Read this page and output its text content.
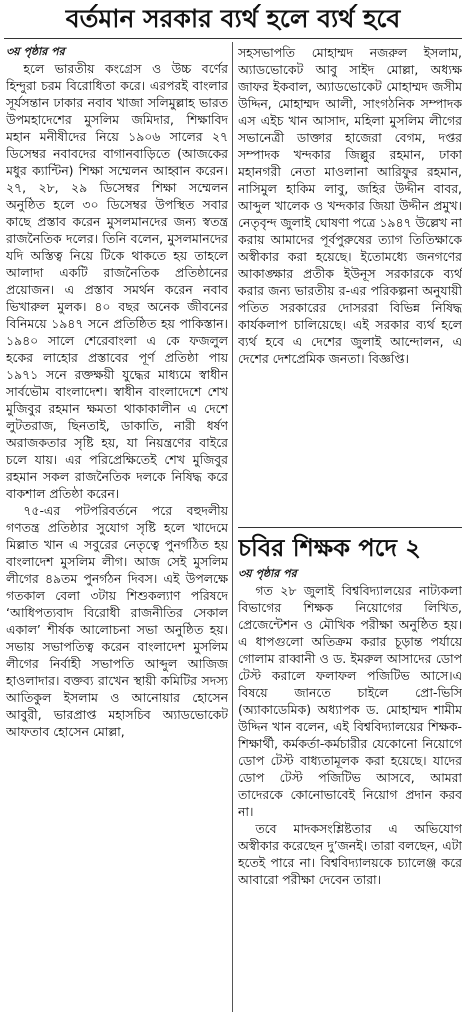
বর্তমান সরকার ব্যর্থ হলে ব্যর্থ হবে
৩য় পৃষ্ঠার পর

হলে ভারতীয় কংগ্রেস ও উচ্চ বর্ণের হিন্দুরা চরম বিরোধিতা করে। এরপরই বাংলার সূর্যসন্তান ঢাকার নবাব খাজা সলিমুল্লাহ ভারত উপমহাদেশের মুসলিম জমিদার, শিক্ষাবিদ মহান মনীষীদের নিয়ে ১৯০৬ সালের ২৭ ডিসেম্বর নবাবদের বাগানবাড়িতে (আজকের মধুর ক্যান্টিন) শিক্ষা সম্মেলন আহ্বান করেন। ২৭, ২৮, ২৯ ডিসেম্বর শিক্ষা সম্মেলন অনুষ্ঠিত হলে ৩০ ডিসেম্বর উপস্থিত সবার কাছে প্রস্তাব করেন মুসলমানদের জন্য স্বতন্ত্র রাজনৈতিক দলের। তিনি বলেন, মুসলমানদের যদি অস্তিত্ব নিয়ে টিকে থাকতে হয় তাহলে আলাদা একটি রাজনৈতিক প্রতিষ্ঠানের প্রয়োজন। এ প্রস্তাব সমর্থন করেন নবাব ভিখারুল মুলক। ৪০ বছর অনেক জীবনের বিনিময়ে ১৯৪৭ সনে প্রতিষ্ঠিত হয় পাকিস্তান। ১৯৪০ সালে শেরেবাংলা এ কে ফজলুল হকের লাহোর প্রস্তাবের পূর্ণ প্রতিষ্ঠা পায় ১৯৭১ সনে রক্তক্ষয়ী যুদ্ধের মাধ্যমে স্বাধীন সার্বভৌম বাংলাদেশ। স্বাধীন বাংলাদেশে শেখ মুজিবুর রহমান ক্ষমতা থাকাকালীন এ দেশে লুটতরাজ, ছিনতাই, ডাকাতি, নারী ধর্ষণ অরাজকতার সৃষ্টি হয়, যা নিয়ন্ত্রণের বাইরে চলে যায়। এর পরিপ্রেক্ষিতেই শেখ মুজিবুর রহমান সকল রাজনৈতিক দলকে নিষিদ্ধ করে বাকশাল প্রতিষ্ঠা করেন।

৭৫-এর পটপরিবর্তনে পরে বহুদলীয় গণতন্ত্র প্রতিষ্ঠার সুযোগ সৃষ্টি হলে খাদেমে মিল্লাত খান এ সবুরের নেতৃত্বে পুনর্গঠিত হয় বাংলাদেশ মুসলিম লীগ। আজ সেই মুসলিম লীগের ৪৯তম পুনর্গঠন দিবস। এই উপলক্ষে গতকাল বেলা ৩টায় শিশুকল্যাণ পরিষদে ‘আধিপত্যবাদ বিরোধী রাজনীতির সেকাল একাল’ শীর্ষক আলোচনা সভা অনুষ্ঠিত হয়। সভায় সভাপতিত্ব করেন বাংলাদেশ মুসলিম লীগের নির্বাহী সভাপতি আব্দুল আজিজ হাওলাদার। বক্তব্য রাখেন স্থায়ী কমিটির সদস্য আতিকুল ইসলাম ও আনোয়ার হোসেন আবুরী, ভারপ্রাপ্ত মহাসচিব অ্যাডভোকেট আফতাব হোসেন মোল্লা,

সহসভাপতি মোহাম্মদ নজরুল ইসলাম, অ্যাডভোকেট আবু সাইদ মোল্লা, অধ্যক্ষ জাফর ইকবাল, অ্যাডভোকেট মোহাম্মদ জসীম উদ্দিন, মোহাম্মদ আলী, সাংগঠনিক সম্পাদক এস এইচ খান আসাদ, মহিলা মুসলিম লীগের সভানেত্রী ডাক্তার হাজেরা বেগম, দপ্তর সম্পাদক খন্দকার জিল্লুর রহমান, ঢাকা মহানগরী নেতা মাওলানা আরিফুর রহমান, নাসিমুল হাকিম লাবু, জহির উদ্দীন বাবর, আব্দুল খালেক ও খন্দকার জিয়া উদ্দীন প্রমুখ। নেতৃবৃন্দ জুলাই ঘোষণা পত্রে ১৯৪৭ উল্লেখ না করায় আমাদের পূর্বপুরুষের ত্যাগ তিতিক্ষাকে অস্বীকার করা হয়েছে। ইতোমধ্যে জনগণের আকাঙ্ক্ষার প্রতীক ইউনূস সরকারকে ব্যর্থ করার জন্য ভারতীয় র-এর পরিকল্পনা অনুযায়ী পতিত সরকারের দোসররা বিভিন্ন নিষিদ্ধ কার্যকলাপ চালিয়েছে। এই সরকার ব্যর্থ হলে ব্যর্থ হবে এ দেশের জুলাই আন্দোলন, এ দেশের দেশপ্রেমিক জনতা। বিজ্ঞপ্তি।

চবির শিক্ষক পদে ২
৩য় পৃষ্ঠার পর

গত ২৮ জুলাই বিশ্ববিদ্যালয়ের নাট্যকলা বিভাগের শিক্ষক নিয়োগের লিখিত, প্রেজেন্টেশন ও মৌখিক পরীক্ষা অনুষ্ঠিত হয়। এ ধাপগুলো অতিক্রম করার চূড়ান্ত পর্যায়ে গোলাম রাব্বানী ও ড. ইমরুল আসাদের ডোপ টেস্ট করালে ফলাফল পজিটিভ আসে।এ বিষয়ে জানতে চাইলে প্রো-ভিসি (অ্যাকাডেমিক) অধ্যাপক ড. মোহাম্মদ শামীম উদ্দিন খান বলেন, এই বিশ্ববিদ্যালয়ের শিক্ষক-শিক্ষার্থী, কর্মকর্তা-কর্মচারীর যেকোনো নিয়োগে ডোপ টেস্ট বাধ্যতামূলক করা হয়েছে। যাদের ডোপ টেস্ট পজিটিভ আসবে, আমরা তাদেরকে কোনোভাবেই নিয়োগ প্রদান করব না।

তবে মাদকসংশ্লিষ্টতার এ অভিযোগ অস্বীকার করেছেন দু’জনই। তারা বলছেন, এটা হতেই পারে না। বিশ্ববিদ্যালয়কে চ্যালেঞ্জ করে আবারো পরীক্ষা দেবেন তারা।
